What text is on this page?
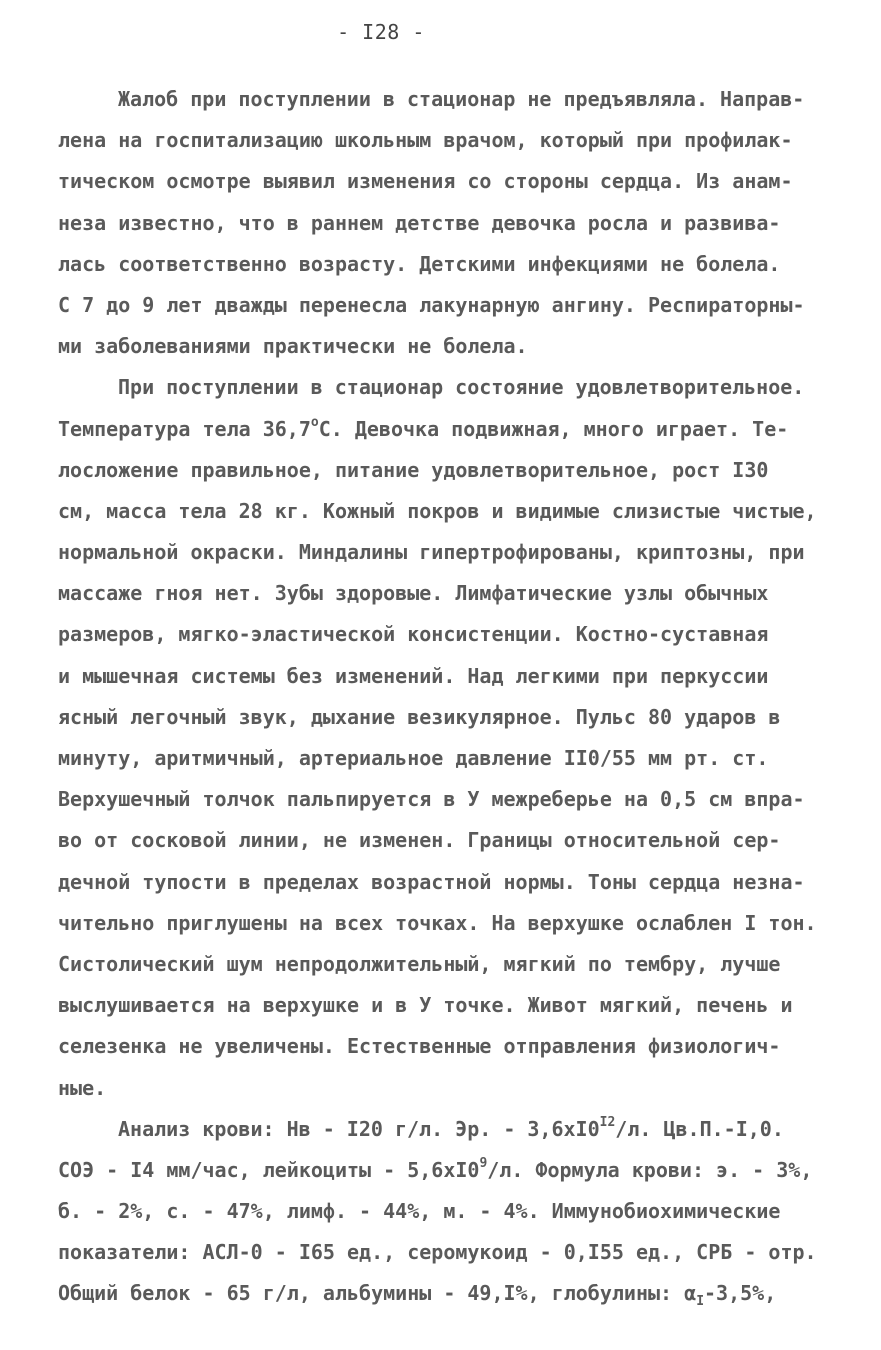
- I28 -
Жалоб при поступлении в стационар не предъявляла. Направ-
лена на госпитализацию школьным врачом, который при профилак-
тическом осмотре выявил изменения со стороны сердца. Из анам-
неза известно, что в раннем детстве девочка росла и развива-
лась соответственно возрасту. Детскими инфекциями не болела.
С 7 до 9 лет дважды перенесла лакунарную ангину. Респираторны-
ми заболеваниями практически не болела.
При поступлении в стационар состояние удовлетворительное.
Температура тела $36,7^оС$. Девочка подвижная, много играет. Те-
лосложение правильное, питание удовлетворительное, рост I30
см, масса тела 28 кг. Кожный покров и видимые слизистые чистые,
нормальной окраски. Миндалины гипертрофированы, криптозны, при
массаже гноя нет. Зубы здоровые. Лимфатические узлы обычных
размеров, мягко-эластической консистенции. Костно-суставная
и мышечная системы без изменений. Над легкими при перкуссии
ясный легочный звук, дыхание везикулярное. Пульс 80 ударов в
минуту, аритмичный, артериальное давление II0/55 мм рт. ст.
Верхушечный толчок пальпируется в У межреберье на 0,5 см впра-
во от сосковой линии, не изменен. Границы относительной сер-
дечной тупости в пределах возрастной нормы. Тоны сердца незна-
чительно приглушены на всех точках. На верхушке ослаблен I тон.
Систолический шум непродолжительный, мягкий по тембру, лучше
выслушивается на верхушке и в У точке. Живот мягкий, печень и
селезенка не увеличены. Естественные отправления физиологич-
ные.
Анализ крови: Нв - I20 г/л. Эр. - $3,6хI0^{I2}/л$. Цв.П.-I,0.
СОЭ - I4 мм/час, лейкоциты - $5,6хI0^9/л$. Формула крови: э. - 3%,
б. - 2%, с. - 47%, лимф. - 44%, м. - 4%. Иммунобиохимические
показатели: АСЛ-0 - I65 ед., серомукоид - 0,I55 ед., СРБ - отр.
Общий белок - 65 г/л, альбумины - 49,I%, глобулины: $\alpha_I-3,5\%$,
